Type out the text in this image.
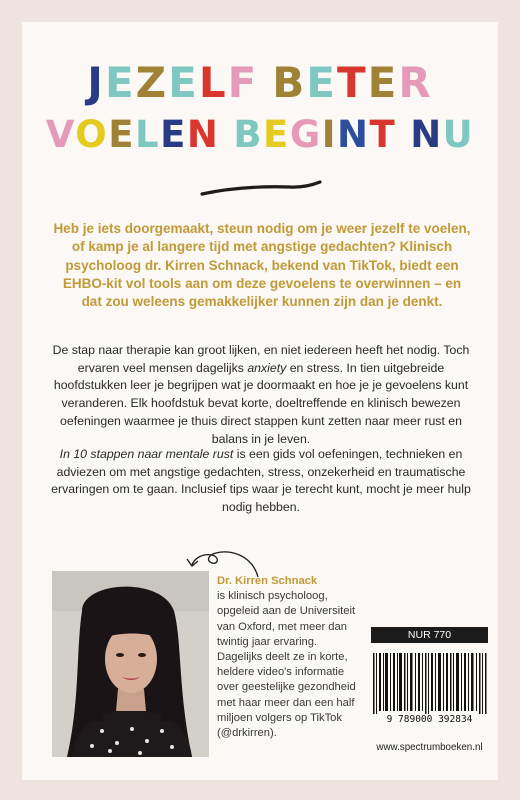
JEZELF BETER
VOELEN BEGINT NU

Heb je iets doorgemaakt, steun nodig om je weer jezelf te voelen, of kamp je al langere tijd met angstige gedachten? Klinisch psycholoog dr. Kirren Schnack, bekend van TikTok, biedt een EHBO-kit vol tools aan om deze gevoelens te overwinnen – en dat zou weleens gemakkelijker kunnen zijn dan je denkt.

De stap naar therapie kan groot lijken, en niet iedereen heeft het nodig. Toch ervaren veel mensen dagelijks anxiety en stress. In tien uitgebreide hoofdstukken leer je begrijpen wat je doormaakt en hoe je je gevoelens kunt veranderen. Elk hoofdstuk bevat korte, doeltreffende en klinisch bewezen oefeningen waarmee je thuis direct stappen kunt zetten naar meer rust en balans in je leven.

In 10 stappen naar mentale rust is een gids vol oefeningen, technieken en adviezen om met angstige gedachten, stress, onzekerheid en traumatische ervaringen om te gaan. Inclusief tips waar je terecht kunt, mocht je meer hulp nodig hebben.

Dr. Kirren Schnack
is klinisch psycholoog, opgeleid aan de Universiteit van Oxford, met meer dan twintig jaar ervaring. Dagelijks deelt ze in korte, heldere video's informatie over geestelijke gezondheid met haar meer dan een half miljoen volgers op TikTok (@drkirren).

NUR 770
9 789000 392834
www.spectrumboeken.nl
